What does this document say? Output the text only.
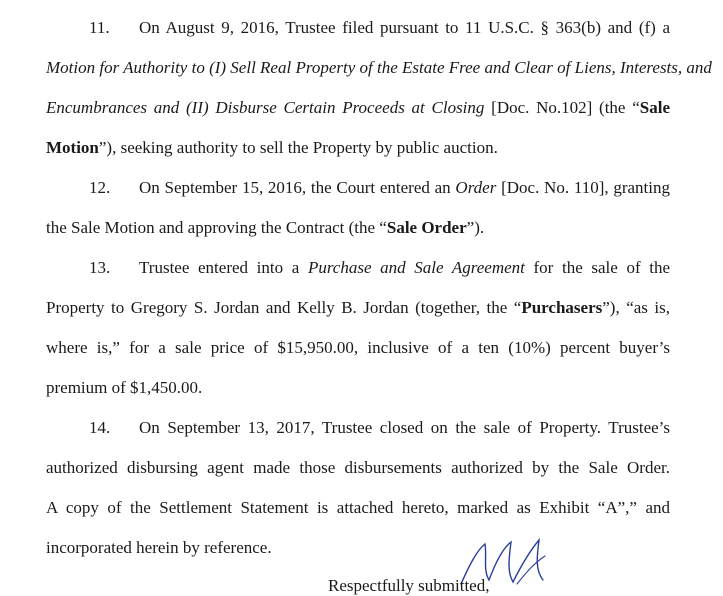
11. On August 9, 2016, Trustee filed pursuant to 11 U.S.C. § 363(b) and (f) a
Motion for Authority to (I) Sell Real Property of the Estate Free and Clear of Liens, Interests, and
Encumbrances and (II) Disburse Certain Proceeds at Closing [Doc. No.102] (the “Sale
Motion”), seeking authority to sell the Property by public auction.
12. On September 15, 2016, the Court entered an Order [Doc. No. 110], granting
the Sale Motion and approving the Contract (the “Sale Order”).
13. Trustee entered into a Purchase and Sale Agreement for the sale of the
Property to Gregory S. Jordan and Kelly B. Jordan (together, the “Purchasers”), “as is,
where is,” for a sale price of $15,950.00, inclusive of a ten (10%) percent buyer’s
premium of $1,450.00.
14. On September 13, 2017, Trustee closed on the sale of Property. Trustee’s
authorized disbursing agent made those disbursements authorized by the Sale Order.
A copy of the Settlement Statement is attached hereto, marked as Exhibit “A”,” and
incorporated herein by reference.
Respectfully submitted,
